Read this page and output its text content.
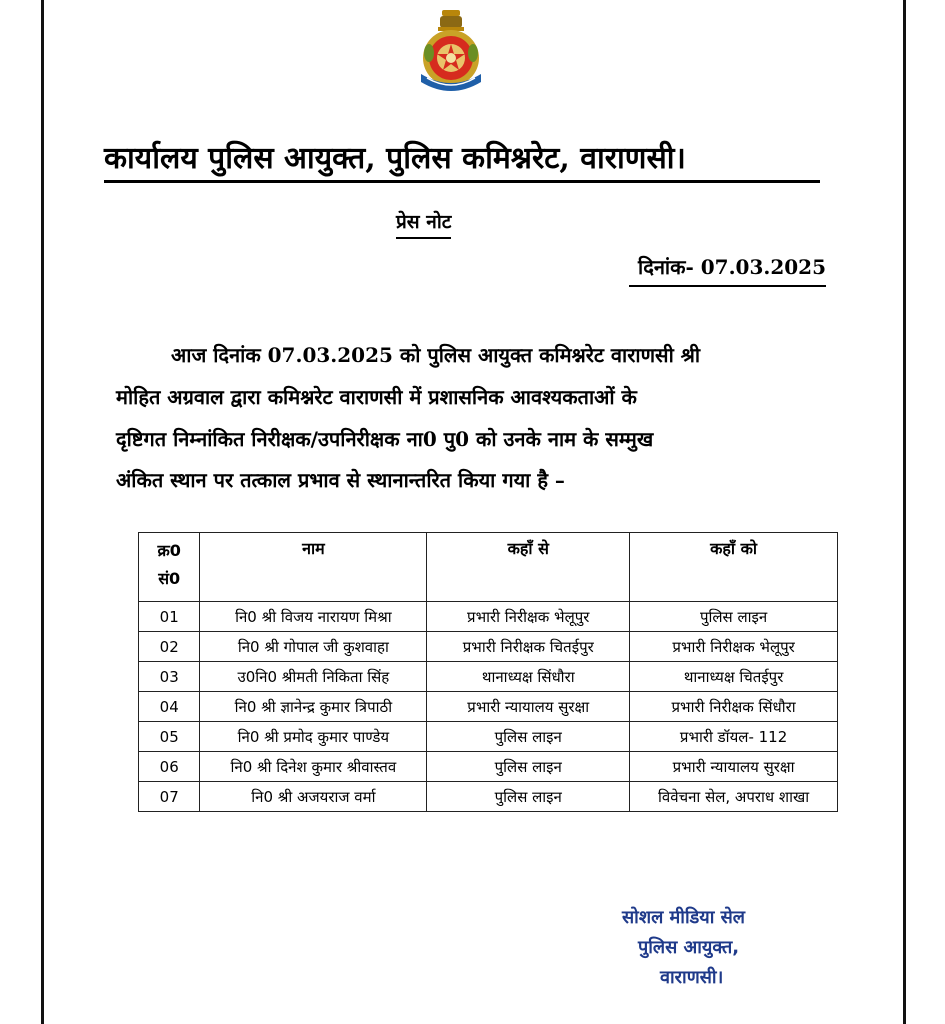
कार्यालय पुलिस आयुक्त, पुलिस कमिश्नरेट, वाराणसी।
प्रेस नोट
दिनांक- 07.03.2025
आज दिनांक 07.03.2025 को पुलिस आयुक्त कमिश्नरेट वाराणसी श्री
मोहित अग्रवाल द्वारा कमिश्नरेट वाराणसी में प्रशासनिक आवश्यकताओं के
दृष्टिगत निम्नांकित निरीक्षक/उपनिरीक्षक ना0 पु0 को उनके नाम के सम्मुख
अंकित स्थान पर तत्काल प्रभाव से स्थानान्तरित किया गया है –
क्र0
सं0	नाम	कहाँ से	कहाँ को
01	नि0 श्री विजय नारायण मिश्रा	प्रभारी निरीक्षक भेलूपुर	पुलिस लाइन
02	नि0 श्री गोपाल जी कुशवाहा	प्रभारी निरीक्षक चितईपुर	प्रभारी निरीक्षक भेलूपुर
03	उ0नि0 श्रीमती निकिता सिंह	थानाध्यक्ष सिंधौरा	थानाध्यक्ष चितईपुर
04	नि0 श्री ज्ञानेन्द्र कुमार त्रिपाठी	प्रभारी न्यायालय सुरक्षा	प्रभारी निरीक्षक सिंधौरा
05	नि0 श्री प्रमोद कुमार पाण्डेय	पुलिस लाइन	प्रभारी डॉयल- 112
06	नि0 श्री दिनेश कुमार श्रीवास्तव	पुलिस लाइन	प्रभारी न्यायालय सुरक्षा
07	नि0 श्री अजयराज वर्मा	पुलिस लाइन	विवेचना सेल, अपराध शाखा
सोशल मीडिया सेल
पुलिस आयुक्त,
वाराणसी।
